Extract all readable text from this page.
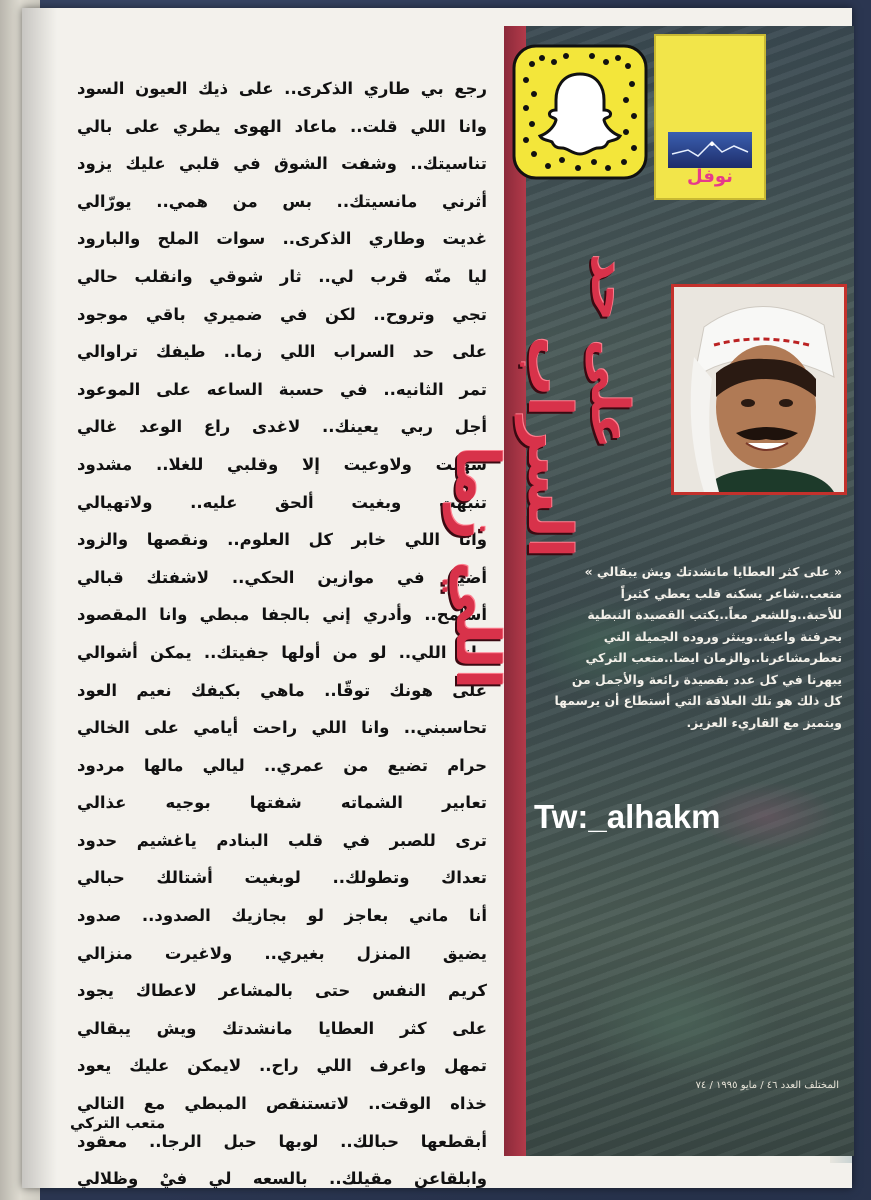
رجع بي طاري الذكرى.. على ذيك العيون السود
وانا اللي قلت.. ماعاد الهوى يطري على بالي
تناسيتك.. وشفت الشوق في قلبي عليك يزود
أثرني مانسيتك.. بس من همي.. يورّالي
غديت وطاري الذكرى.. سوات الملح والبارود
ليا منّه قرب لي.. ثار شوقي وانقلب حالي
تجي وتروح.. لكن في ضميري باقي موجود
على حد السراب اللي زما.. طيفك تراوالي
تمر الثانيه.. في حسبة الساعه على الموعود
أجل ربي يعينك.. لاغدى راع الوعد غالي
سهيت ولاوعيت إلا وقلبي للغلا.. مشدود
تنبهت وبغيت ألحق عليه.. ولاتهيالي
وانا اللي خابر كل العلوم.. ونقصها والزود
أضيّع في موازين الحكي.. لاشفتك قبالي
أسامح.. وأدري إني بالجفا مبطي وانا المقصود
وانا اللي.. لو من أولها جفيتك.. يمكن أشوالي
على هونك توقّا.. ماهي بكيفك نعيم العود
تحاسبني.. وانا اللي راحت أيامي على الخالي
حرام تضيع من عمري.. ليالي مالها مردود
تعابير الشماته شفتها بوجيه عذالي
ترى للصبر في قلب البنادم ياغشيم حدود
تعداك وتطولك.. لوبغيت أشتالك حبالي
أنا ماني بعاجز لو بجازيك الصدود.. صدود
يضيق المنزل بغيري.. ولاغيرت منزالي
كريم النفس حتى بالمشاعر لاعطاك يجود
على كثر العطايا مانشدتك ويش يبقالي
تمهل واعرف اللي راح.. لايمكن عليك يعود
خذاه الوقت.. لاتستنقص المبطي مع التالي
أبقطعها حبالك.. لوبها حبل الرجا.. معقود
وابلقاعن مقيلك.. بالسعه لي فيْ وظلالي
متعب التركي
على حد
السراب
اللي زما
نوفل
« على كثر العطايا مانشدتك ويش يبقالي »
متعب..شاعر يسكنه قلب يعطي كثيراً
للأحبة..وللشعر معاً..يكتب القصيدة النبطية
بحرفنة واعية..وينثر وروده الجميلة التي
تعطرمشاعرنا..والزمان ايضا..متعب التركي
يبهرنا في كل عدد بقصيدة رائعة والأجمل من
كل ذلك هو تلك العلاقة التي أستطاع أن يرسمها
وبتميز مع القاريء العزيز.
Tw:_alhakm
المختلف العدد ٤٦ / مايو ١٩٩٥ / ٧٤
